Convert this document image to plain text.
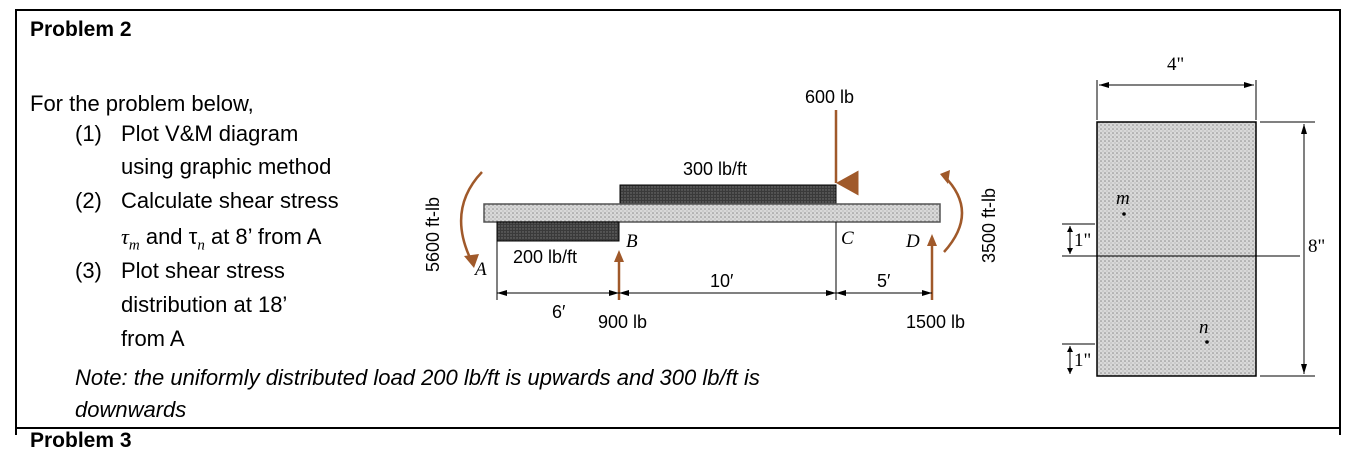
Problem 2
For the problem below,
(1) Plot V&M diagram
using graphic method
(2) Calculate shear stress
$\tau_m$ and $\tau_n$ at 8’ from A
(3) Plot shear stress
distribution at 18’
from A
Note: the uniformly distributed load 200 lb/ft is upwards and 300 lb/ft is
downwards
Problem 3
600 lb
300 lb/ft
200 lb/ft
900 lb	1500 lb
A
B	C	D
6′
10′	5′
5600 ft-lb	3500 ft-lb
4"
8"
1"
1"
m
n
